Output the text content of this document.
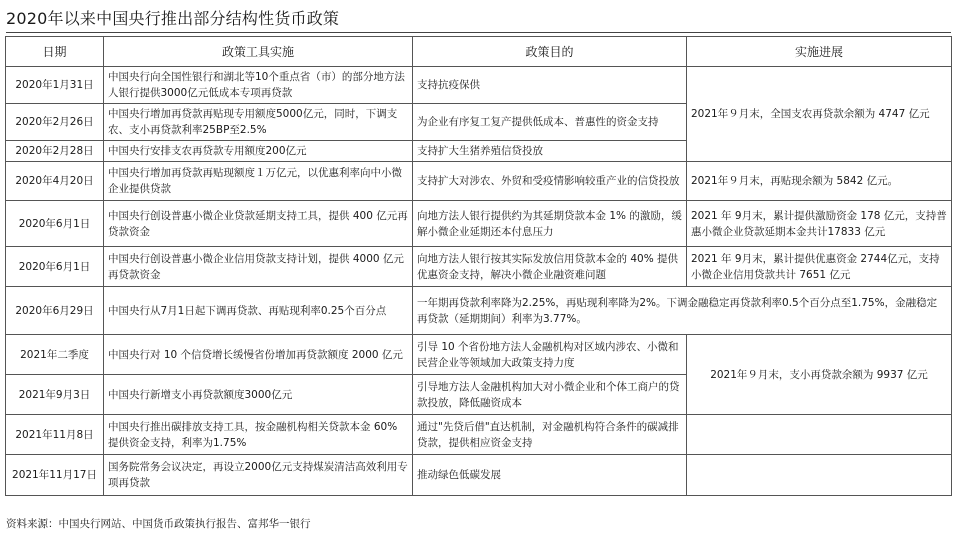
2020年以来中国央行推出部分结构性货币政策
日期	政策工具实施	政策目的	实施进展
2020年1月31日	中国央行向全国性银行和湖北等10个重点省（市）的部分地方法人银行提供3000亿元低成本专项再贷款	支持抗疫保供	2021年９月末，全国支农再贷款余额为 4747 亿元
2020年2月26日	中国央行增加再贷款再贴现专用额度5000亿元，同时，下调支农、支小再贷款利率25BP至2.5%	为企业有序复工复产提供低成本、普惠性的资金支持	
2020年2月28日	中国央行安排支农再贷款专用额度200亿元	支持扩大生猪养殖信贷投放	
2020年4月20日	中国央行增加再贷款再贴现额度１万亿元，以优惠利率向中小微企业提供贷款	支持扩大对涉农、外贸和受疫情影响较重产业的信贷投放	2021年９月末，再贴现余额为 5842 亿元。
2020年6月1日	中国央行创设普惠小微企业贷款延期支持工具，提供 400 亿元再贷款资金	向地方法人银行提供约为其延期贷款本金 1% 的激励，缓解小微企业延期还本付息压力	2021 年 9月末，累计提供激励资金 178 亿元，支持普惠小微企业贷款延期本金共计17833 亿元
2020年6月1日	中国央行创设普惠小微企业信用贷款支持计划，提供 4000 亿元再贷款资金	向地方法人银行按其实际发放信用贷款本金的 40% 提供优惠资金支持，解决小微企业融资难问题	2021 年 9月末，累计提供优惠资金 2744亿元，支持小微企业信用贷款共计 7651 亿元
2020年6月29日	中国央行从7月1日起下调再贷款、再贴现利率0.25个百分点	一年期再贷款利率降为2.25%，再贴现利率降为2%。下调金融稳定再贷款利率0.5个百分点至1.75%，金融稳定再贷款（延期期间）利率为3.77%。	
2021年二季度	中国央行对 10 个信贷增长缓慢省份增加再贷款额度 2000 亿元	引导 10 个省份地方法人金融机构对区域内涉农、小微和民营企业等领域加大政策支持力度	2021年９月末，支小再贷款余额为 9937 亿元
2021年9月3日	中国央行新增支小再贷款额度3000亿元	引导地方法人金融机构加大对小微企业和个体工商户的贷款投放，降低融资成本	
2021年11月8日	中国央行推出碳排放支持工具，按金融机构相关贷款本金 60% 提供资金支持，利率为1.75%	通过"先贷后借"直达机制，对金融机构符合条件的碳减排贷款，提供相应资金支持	
2021年11月17日	国务院常务会议决定，再设立2000亿元支持煤炭清洁高效利用专项再贷款	推动绿色低碳发展	
资料来源：中国央行网站、中国货币政策执行报告、富邦华一银行
